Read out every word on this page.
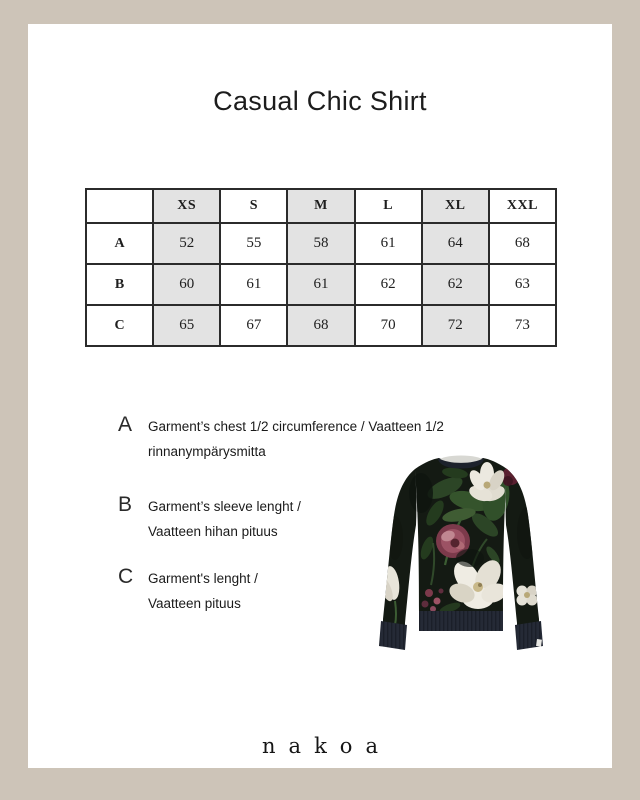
Casual Chic Shirt
	XS	S	M	L	XL	XXL
A	52	55	58	61	64	68
B	60	61	61	62	62	63
C	65	67	68	70	72	73
A	Garment’s chest 1/2 circumference / Vaatteen 1/2
rinnanympärysmitta
B	Garment’s sleeve lenght /
Vaatteen hihan pituus
C	Garment's lenght /
Vaatteen pituus
nakoa
